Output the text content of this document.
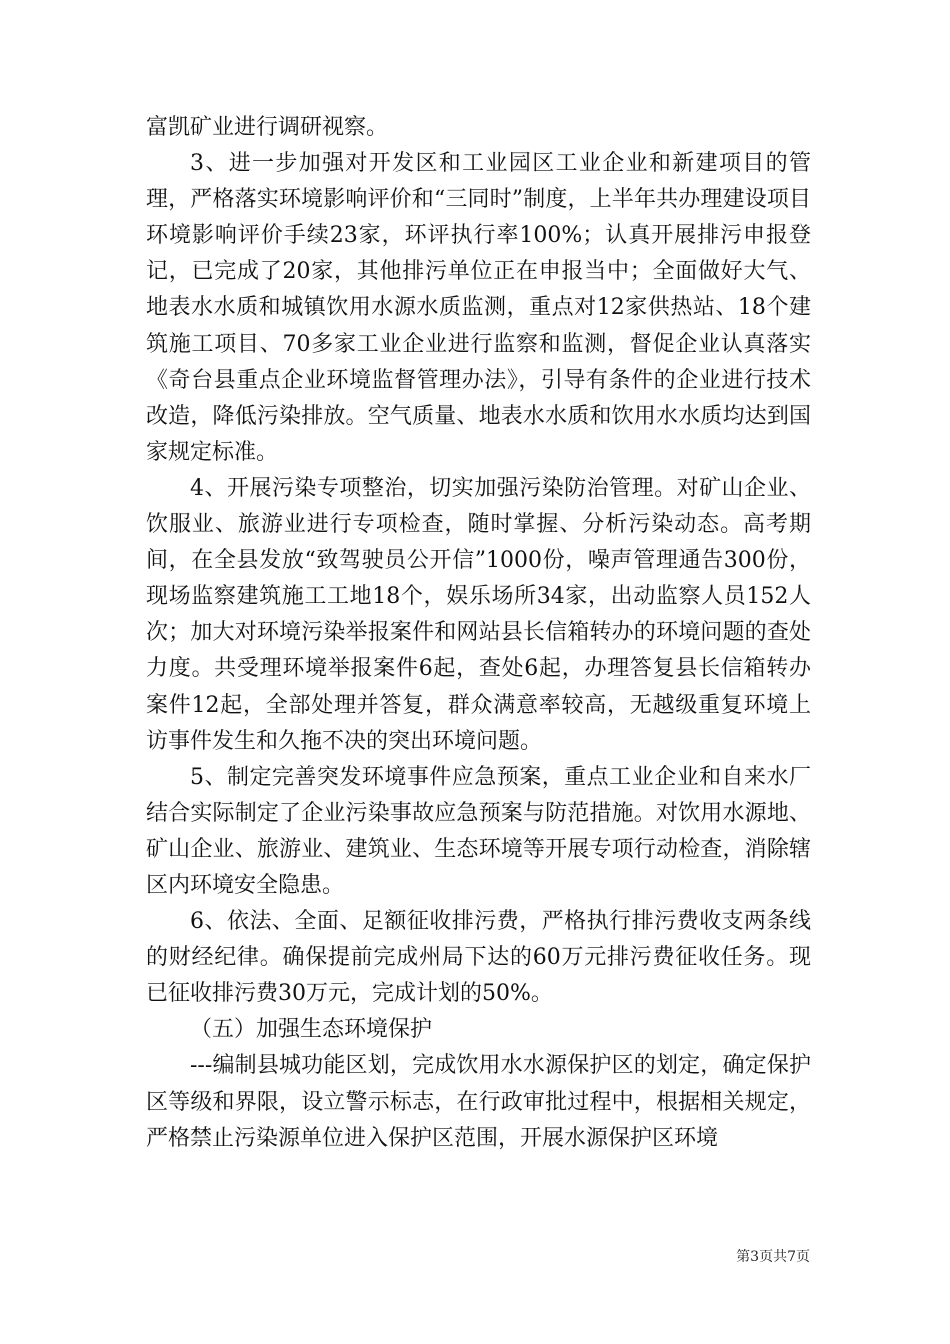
富凯矿业进行调研视察。

3、进一步加强对开发区和工业园区工业企业和新建项目的管理，严格落实环境影响评价和“三同时”制度，上半年共办理建设项目环境影响评价手续23家，环评执行率100%；认真开展排污申报登记，已完成了20家，其他排污单位正在申报当中；全面做好大气、地表水水质和城镇饮用水源水质监测，重点对12家供热站、18个建筑施工项目、70多家工业企业进行监察和监测，督促企业认真落实《奇台县重点企业环境监督管理办法》，引导有条件的企业进行技术改造，降低污染排放。空气质量、地表水水质和饮用水水质均达到国家规定标准。

4、开展污染专项整治，切实加强污染防治管理。对矿山企业、饮服业、旅游业进行专项检查，随时掌握、分析污染动态。高考期间，在全县发放“致驾驶员公开信”1000份，噪声管理通告300份，现场监察建筑施工工地18个，娱乐场所34家，出动监察人员152人次；加大对环境污染举报案件和网站县长信箱转办的环境问题的查处力度。共受理环境举报案件6起，查处6起，办理答复县长信箱转办案件12起，全部处理并答复，群众满意率较高，无越级重复环境上访事件发生和久拖不决的突出环境问题。

5、制定完善突发环境事件应急预案，重点工业企业和自来水厂结合实际制定了企业污染事故应急预案与防范措施。对饮用水源地、矿山企业、旅游业、建筑业、生态环境等开展专项行动检查，消除辖区内环境安全隐患。

6、依法、全面、足额征收排污费，严格执行排污费收支两条线的财经纪律。确保提前完成州局下达的60万元排污费征收任务。现已征收排污费30万元，完成计划的50%。

（五）加强生态环境保护

---编制县城功能区划，完成饮用水水源保护区的划定，确定保护区等级和界限，设立警示标志，在行政审批过程中，根据相关规定，严格禁止污染源单位进入保护区范围，开展水源保护区环境

第3页共7页
